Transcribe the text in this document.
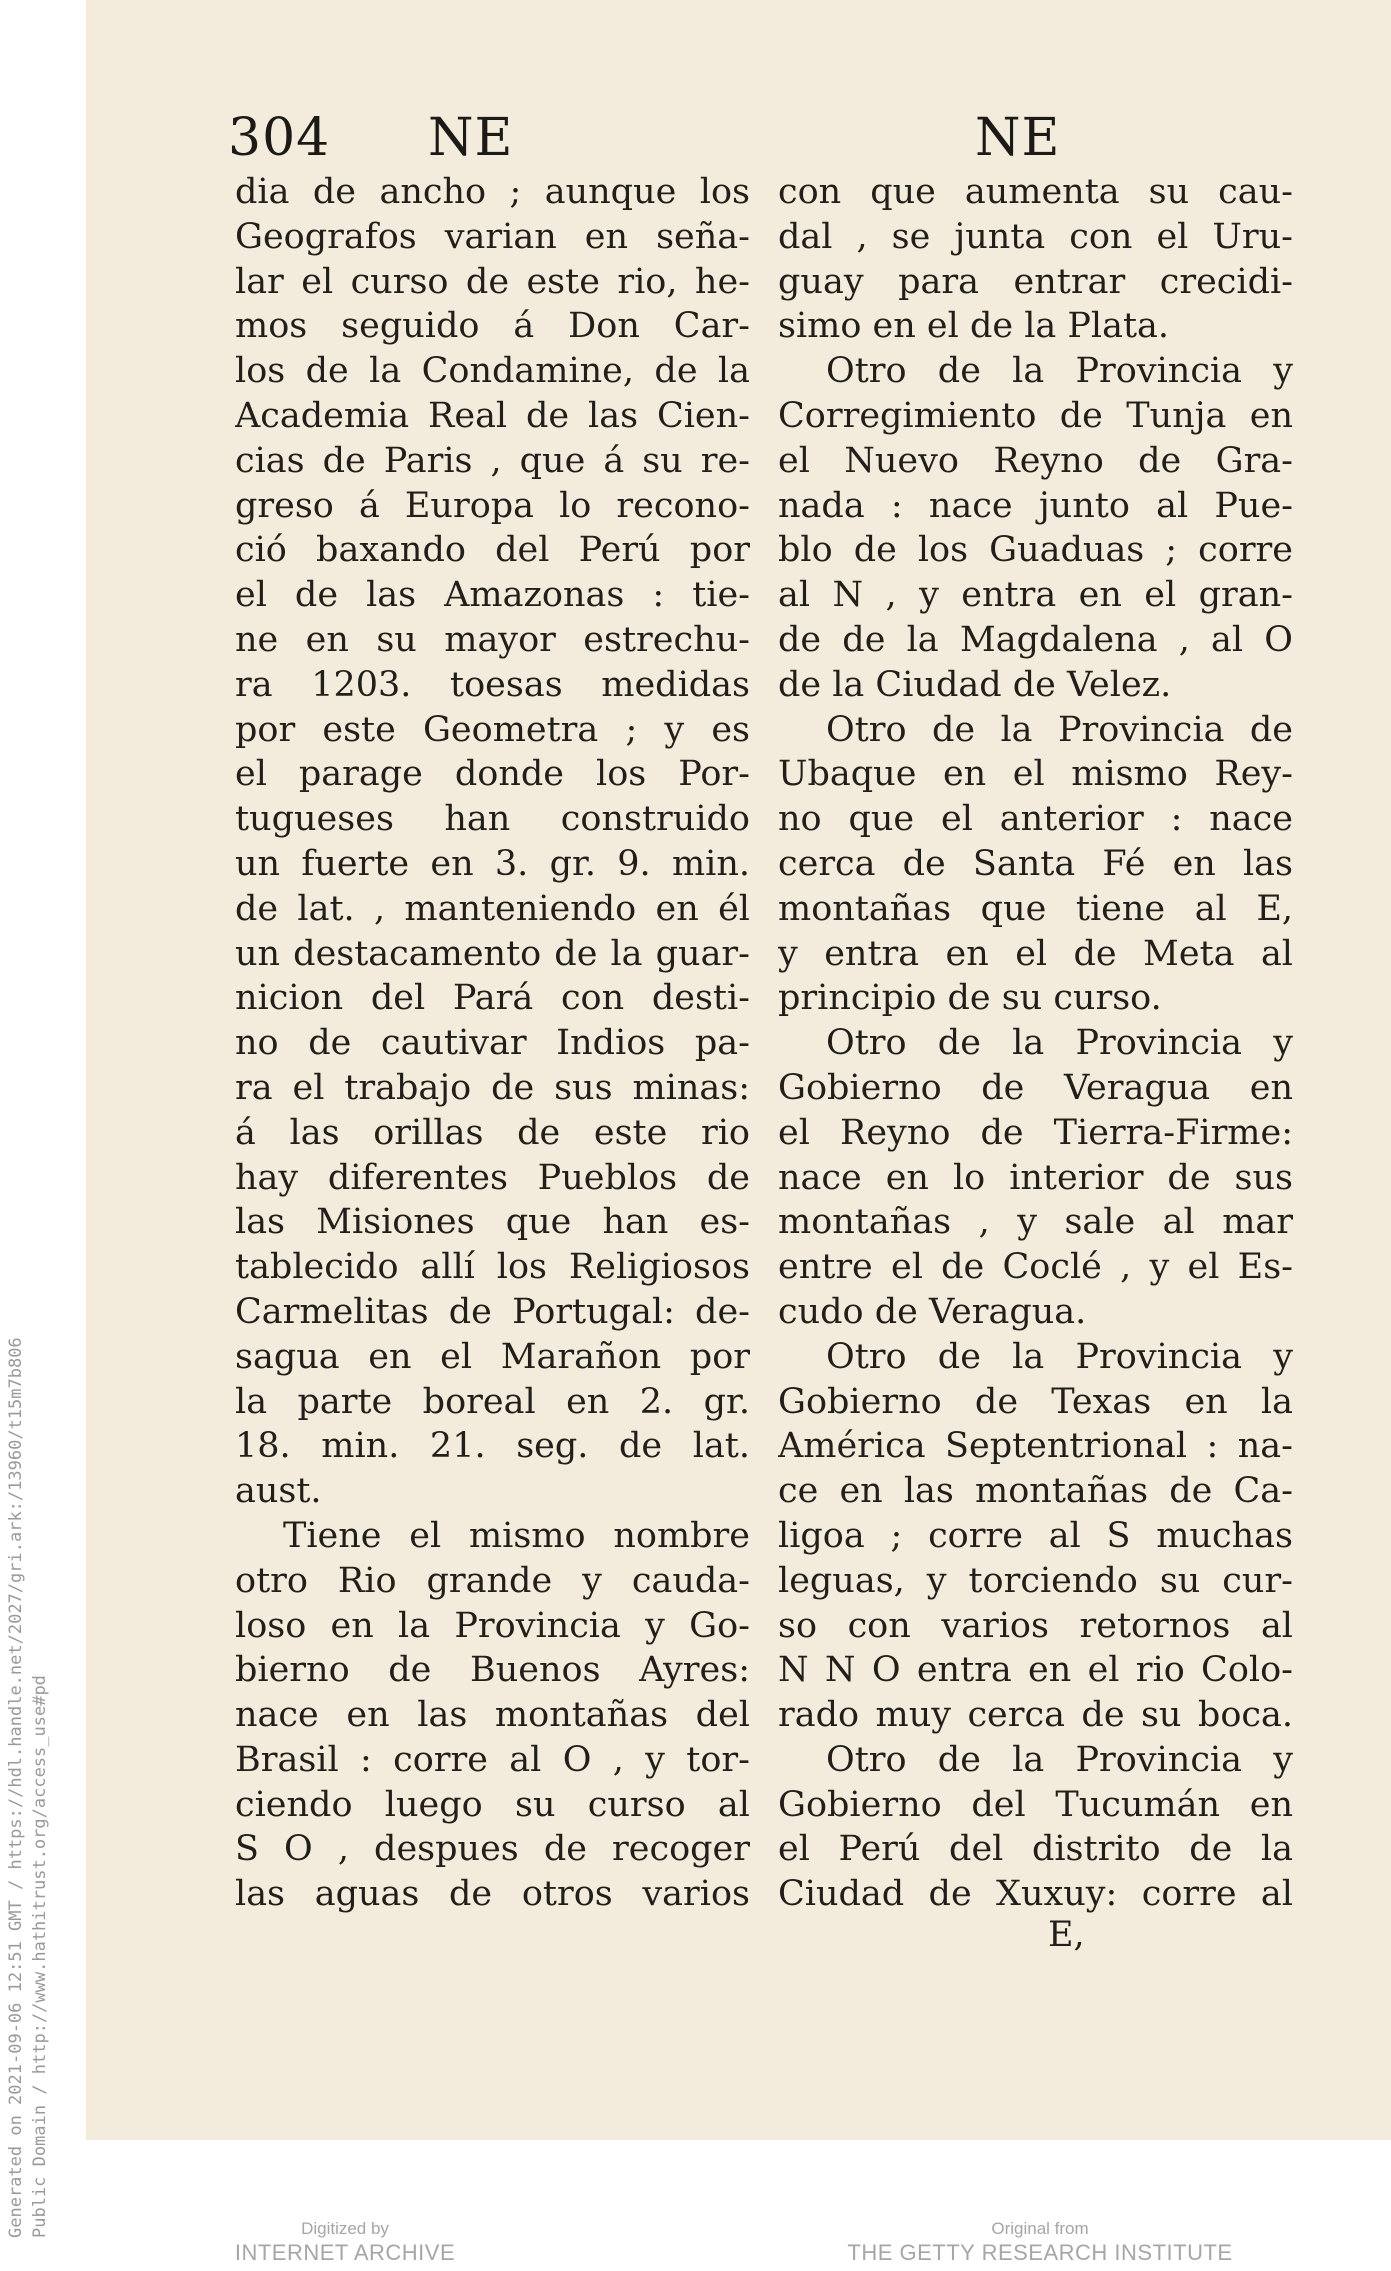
Generated on 2021-09-06 12:51 GMT / https://hdl.handle.net/2027/gri.ark:/13960/t15m7b806 Public Domain / http://www.hathitrust.org/access_use#pd
304 NE	NE
dia de ancho ; aunque los
Geografos varian en seña-
lar el curso de este rio, he-
mos seguido á Don Car-
los de la Condamine, de la
Academia Real de las Cien-
cias de Paris , que á su re-
greso á Europa lo recono-
ció baxando del Perú por
el de las Amazonas : tie-
ne en su mayor estrechu-
ra 1203. toesas medidas
por este Geometra ; y es
el parage donde los Por-
tugueses han construido
un fuerte en 3. gr. 9. min.
de lat. , manteniendo en él
un destacamento de la guar-
nicion del Pará con desti-
no de cautivar Indios pa-
ra el trabajo de sus minas:
á las orillas de este rio
hay diferentes Pueblos de
las Misiones que han es-
tablecido allí los Religiosos
Carmelitas de Portugal: de-
sagua en el Marañon por
la parte boreal en 2. gr.
18. min. 21. seg. de lat.
aust.
Tiene el mismo nombre
otro Rio grande y cauda-
loso en la Provincia y Go-
bierno de Buenos Ayres:
nace en las montañas del
Brasil : corre al O , y tor-
ciendo luego su curso al
S O , despues de recoger
las aguas de otros varios
con que aumenta su cau-
dal , se junta con el Uru-
guay para entrar crecidi-
simo en el de la Plata.
Otro de la Provincia y
Corregimiento de Tunja en
el Nuevo Reyno de Gra-
nada : nace junto al Pue-
blo de los Guaduas ; corre
al N , y entra en el gran-
de de la Magdalena , al O
de la Ciudad de Velez.
Otro de la Provincia de
Ubaque en el mismo Rey-
no que el anterior : nace
cerca de Santa Fé en las
montañas que tiene al E,
y entra en el de Meta al
principio de su curso.
Otro de la Provincia y
Gobierno de Veragua en
el Reyno de Tierra-Firme:
nace en lo interior de sus
montañas , y sale al mar
entre el de Coclé , y el Es-
cudo de Veragua.
Otro de la Provincia y
Gobierno de Texas en la
América Septentrional : na-
ce en las montañas de Ca-
ligoa ; corre al S muchas
leguas, y torciendo su cur-
so con varios retornos al
N N O entra en el rio Colo-
rado muy cerca de su boca.
Otro de la Provincia y
Gobierno del Tucumán en
el Perú del distrito de la
Ciudad de Xuxuy: corre al
E,
Digitized by
INTERNET ARCHIVE
Original from
THE GETTY RESEARCH INSTITUTE
